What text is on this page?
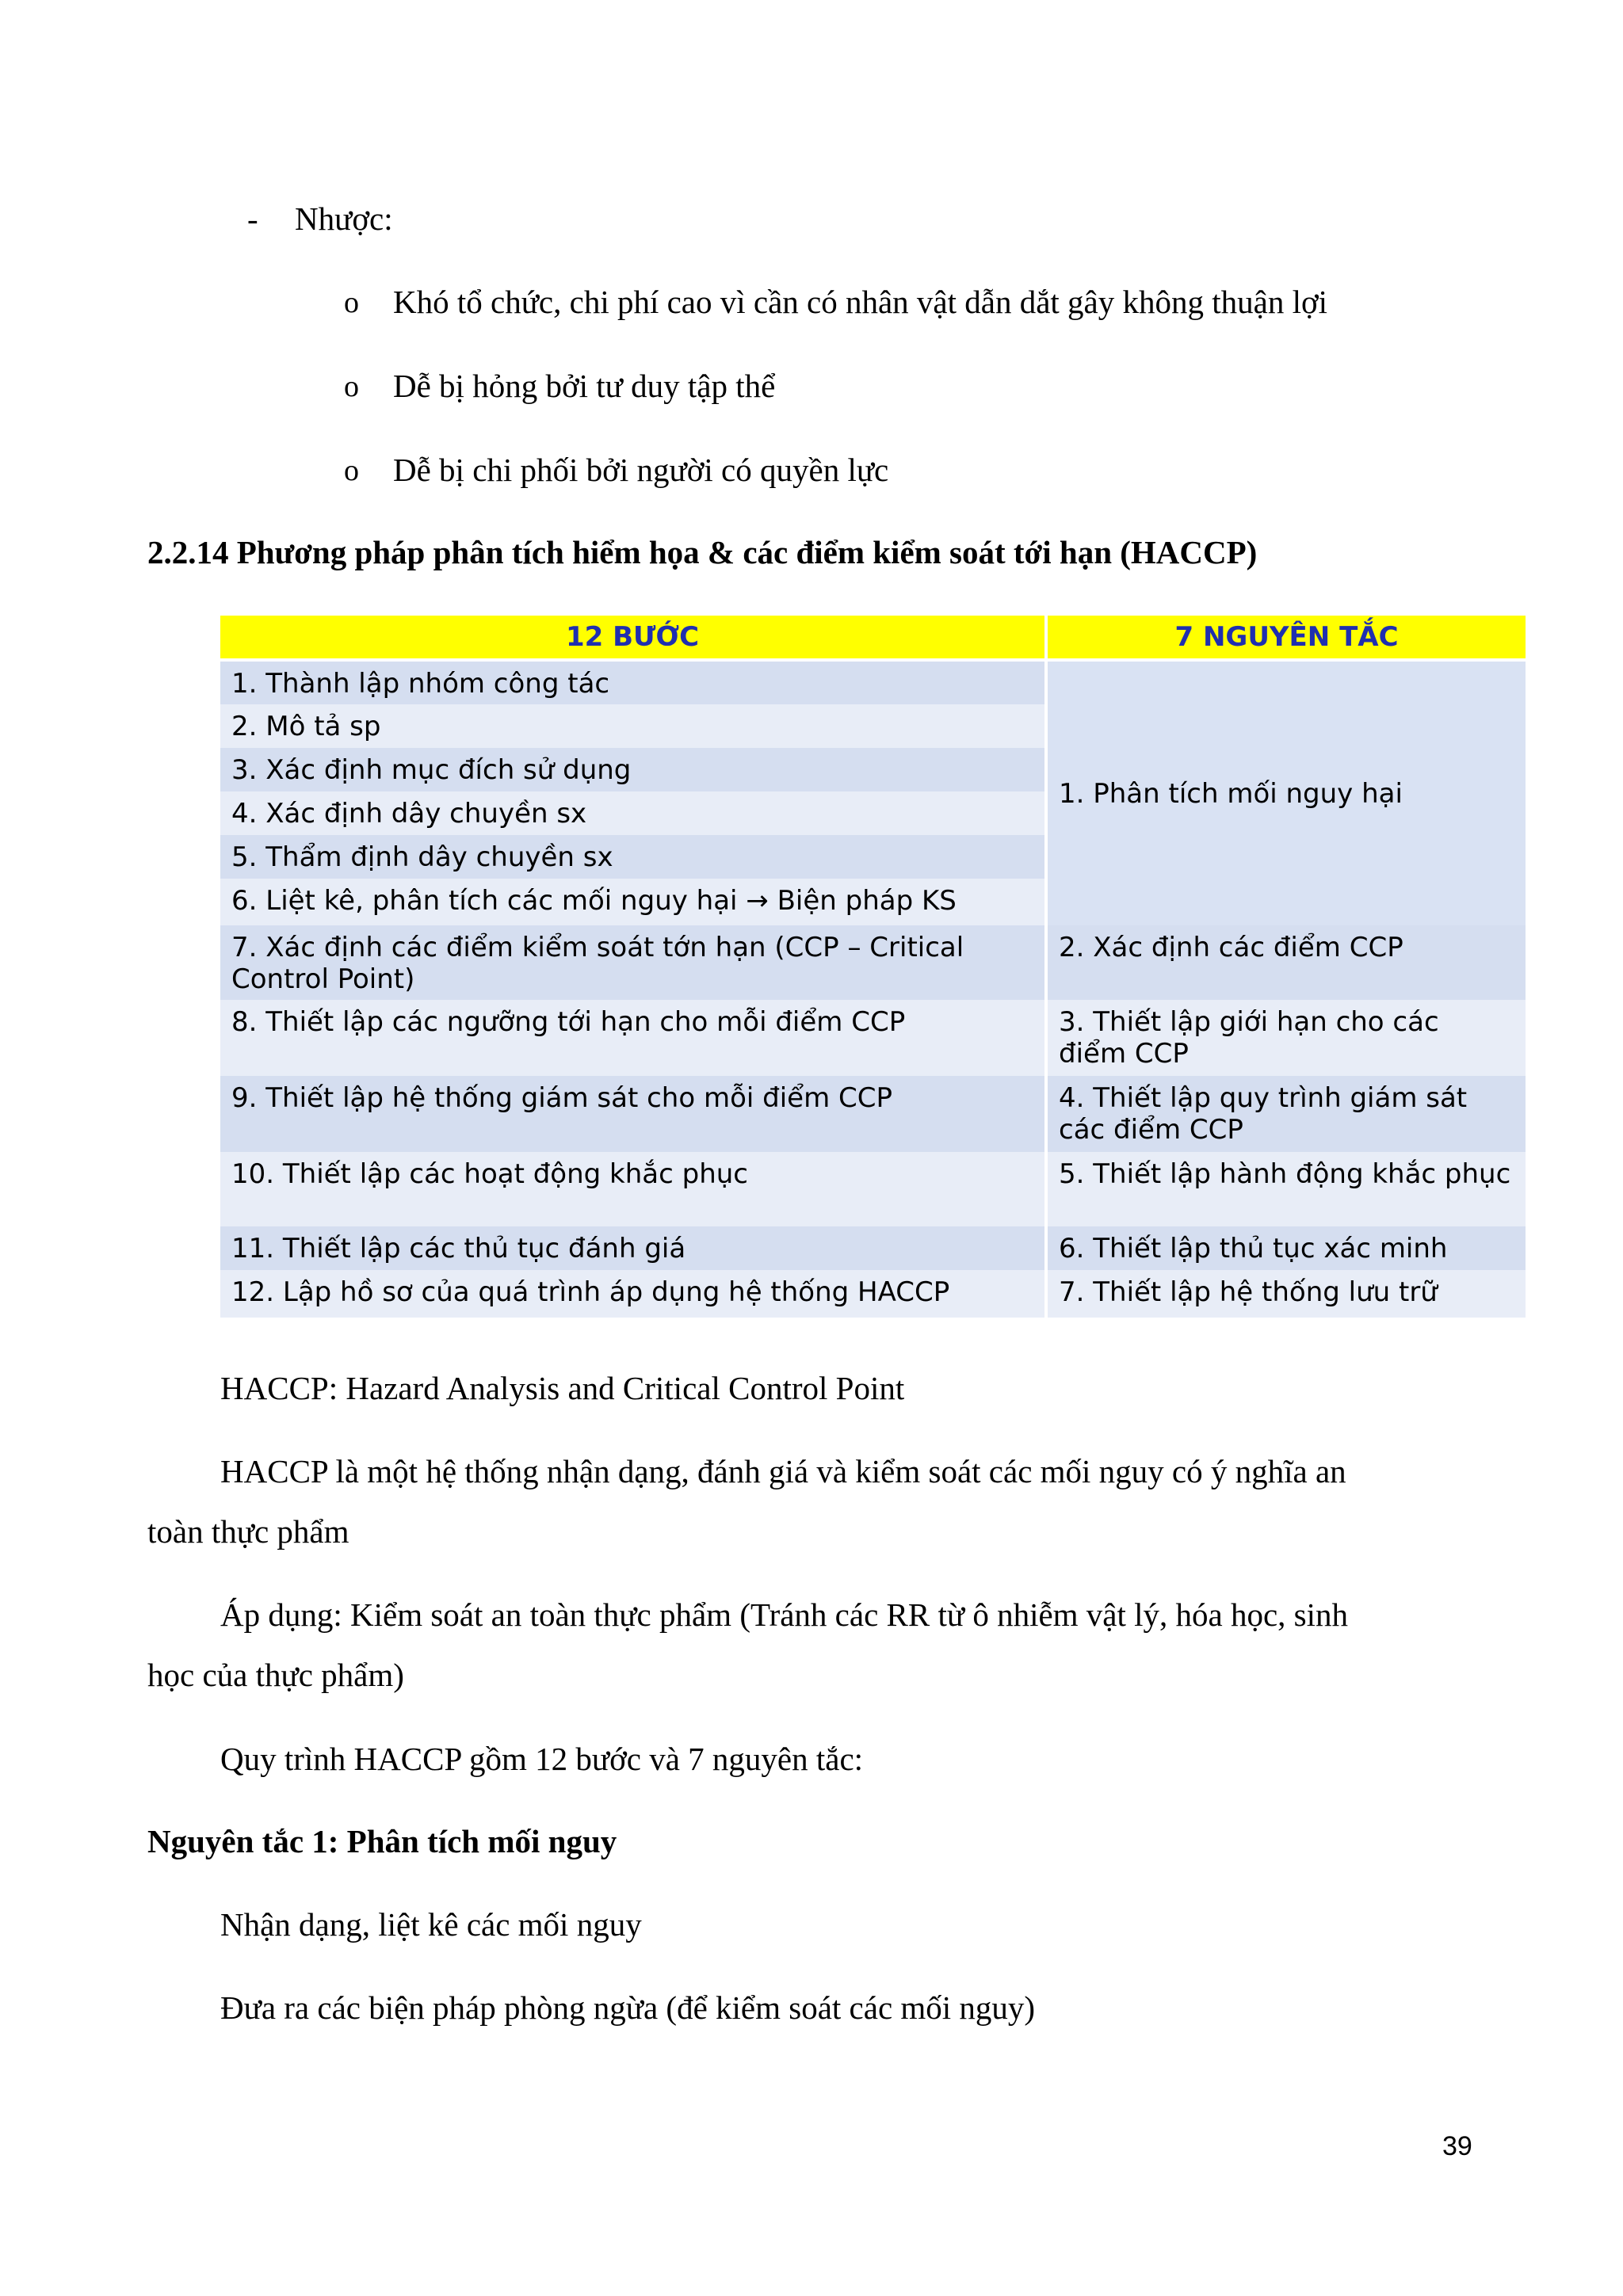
- Nhược:
o Khó tổ chức, chi phí cao vì cần có nhân vật dẫn dắt gây không thuận lợi
o Dễ bị hỏng bởi tư duy tập thể
o Dễ bị chi phối bởi người có quyền lực
2.2.14 Phương pháp phân tích hiểm họa & các điểm kiểm soát tới hạn (HACCP)
12 BƯỚC	7 NGUYÊN TẮC
1. Thành lập nhóm công tác
2. Mô tả sp
3. Xác định mục đích sử dụng
4. Xác định dây chuyền sx
5. Thẩm định dây chuyền sx
6. Liệt kê, phân tích các mối nguy hại → Biện pháp KS
7. Xác định các điểm kiểm soát tớn hạn (CCP – Critical Control Point)
8. Thiết lập các ngưỡng tới hạn cho mỗi điểm CCP
9. Thiết lập hệ thống giám sát cho mỗi điểm CCP
10. Thiết lập các hoạt động khắc phục
11. Thiết lập các thủ tục đánh giá
12. Lập hồ sơ của quá trình áp dụng hệ thống HACCP
1. Phân tích mối nguy hại
2. Xác định các điểm CCP
3. Thiết lập giới hạn cho các điểm CCP
4. Thiết lập quy trình giám sát các điểm CCP
5. Thiết lập hành động khắc phục
6. Thiết lập thủ tục xác minh
7. Thiết lập hệ thống lưu trữ
HACCP: Hazard Analysis and Critical Control Point
HACCP là một hệ thống nhận dạng, đánh giá và kiểm soát các mối nguy có ý nghĩa an
toàn thực phẩm
Áp dụng: Kiểm soát an toàn thực phẩm (Tránh các RR từ ô nhiễm vật lý, hóa học, sinh
học của thực phẩm)
Quy trình HACCP gồm 12 bước và 7 nguyên tắc:
Nguyên tắc 1: Phân tích mối nguy
Nhận dạng, liệt kê các mối nguy
Đưa ra các biện pháp phòng ngừa (để kiểm soát các mối nguy)
39
